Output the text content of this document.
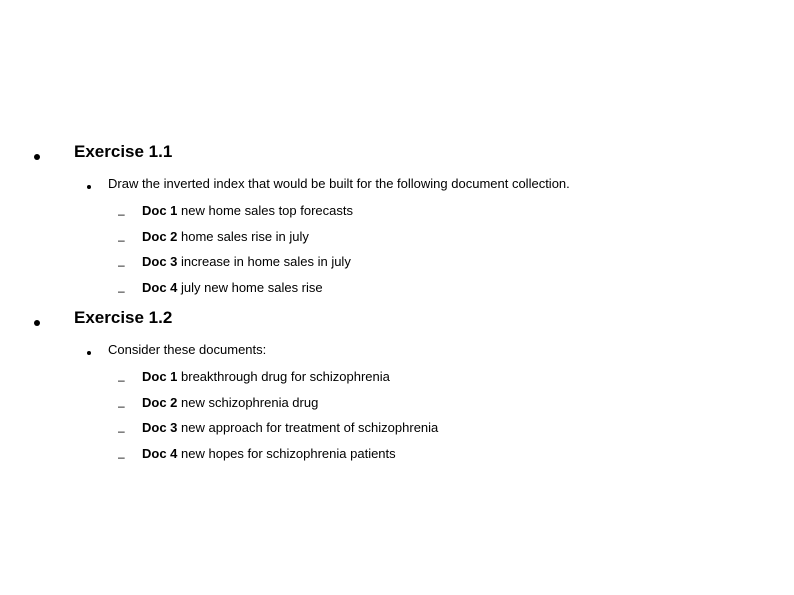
Exercise 1.1
Draw the inverted index that would be built for the following document collection.
– Doc 1 new home sales top forecasts
– Doc 2 home sales rise in july
– Doc 3 increase in home sales in july
– Doc 4 july new home sales rise
Exercise 1.2
Consider these documents:
– Doc 1 breakthrough drug for schizophrenia
– Doc 2 new schizophrenia drug
– Doc 3 new approach for treatment of schizophrenia
– Doc 4 new hopes for schizophrenia patients
